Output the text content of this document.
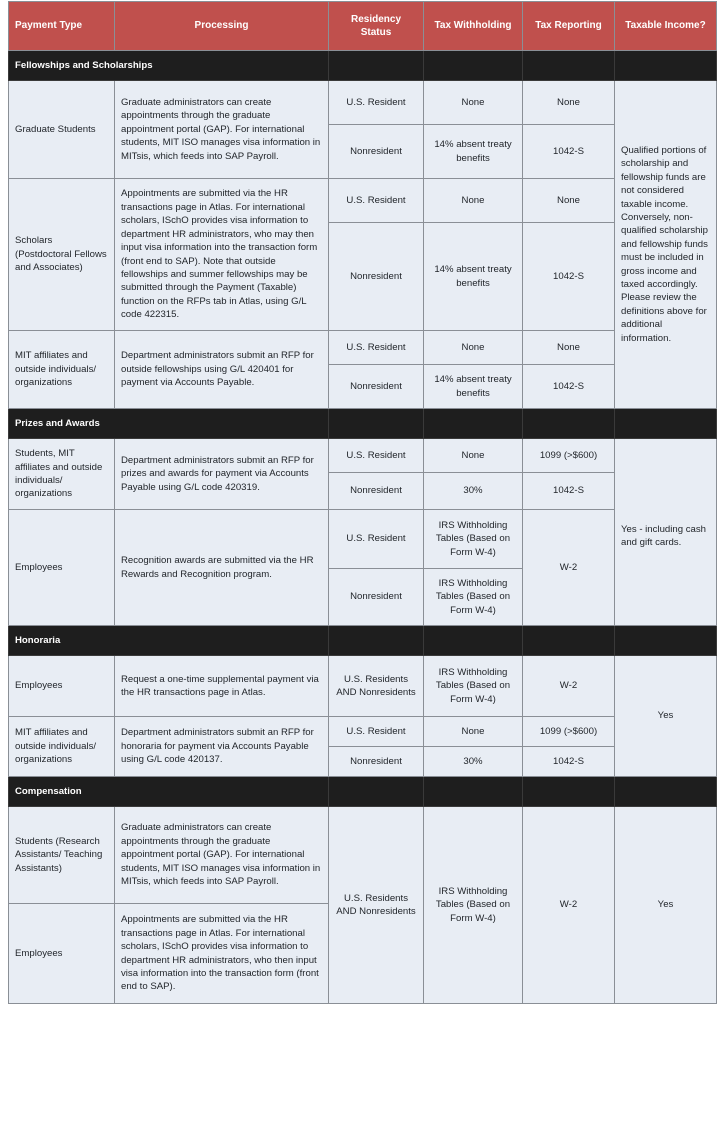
Payment Type	Processing	Residency Status	Tax Withholding	Tax Reporting	Taxable Income?
Fellowships and Scholarships					
Graduate Students	Graduate administrators can create appointments through the graduate appointment portal (GAP). For international students, MIT ISO manages visa information in MITsis, which feeds into SAP Payroll.	U.S. Resident	None	None	Qualified portions of scholarship and fellowship funds are not considered taxable income. Conversely, non-qualified scholarship and fellowship funds must be included in gross income and taxed accordingly. Please review the definitions above for additional information.
		Nonresident	14% absent treaty benefits	1042-S	
Scholars (Postdoctoral Fellows and Associates)	Appointments are submitted via the HR transactions page in Atlas. For international scholars, ISchO provides visa information to department HR administrators, who may then input visa information into the transaction form (front end to SAP). Note that outside fellowships and summer fellowships may be submitted through the Payment (Taxable) function on the RFPs tab in Atlas, using G/L code 422315.	U.S. Resident	None	None	
		Nonresident	14% absent treaty benefits	1042-S	
MIT affiliates and outside individuals/ organizations	Department administrators submit an RFP for outside fellowships using G/L 420401 for payment via Accounts Payable.	U.S. Resident	None	None	
		Nonresident	14% absent treaty benefits	1042-S	
Prizes and Awards					
Students, MIT affiliates and outside individuals/ organizations	Department administrators submit an RFP for prizes and awards for payment via Accounts Payable using G/L code 420319.	U.S. Resident	None	1099 (>$600)	Yes - including cash and gift cards.
		Nonresident	30%	1042-S	
Employees	Recognition awards are submitted via the HR Rewards and Recognition program.	U.S. Resident	IRS Withholding Tables (Based on Form W-4)	W-2	
		Nonresident	IRS Withholding Tables (Based on Form W-4)		
Honoraria					
Employees	Request a one-time supplemental payment via the HR transactions page in Atlas.	U.S. Residents AND Nonresidents	IRS Withholding Tables (Based on Form W-4)	W-2	Yes
MIT affiliates and outside individuals/ organizations	Department administrators submit an RFP for honoraria for payment via Accounts Payable using G/L code 420137.	U.S. Resident	None	1099 (>$600)	
		Nonresident	30%	1042-S	
Compensation					
Students (Research Assistants/ Teaching Assistants)	Graduate administrators can create appointments through the graduate appointment portal (GAP). For international students, MIT ISO manages visa information in MITsis, which feeds into SAP Payroll.	U.S. Residents AND Nonresidents	IRS Withholding Tables (Based on Form W-4)	W-2	Yes
Employees	Appointments are submitted via the HR transactions page in Atlas. For international scholars, ISchO provides visa information to department HR administrators, who then input visa information into the transaction form (front end to SAP).				
